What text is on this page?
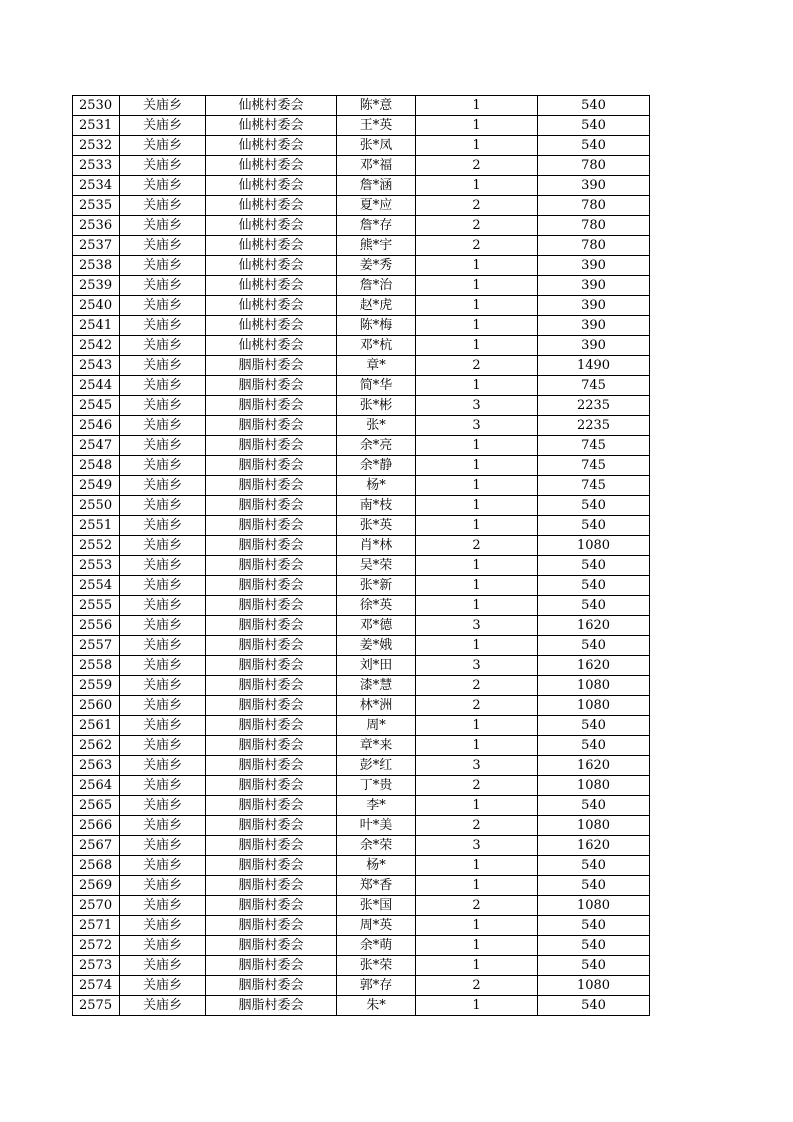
2530	关庙乡	仙桃村委会	陈*意	1	540
2531	关庙乡	仙桃村委会	王*英	1	540
2532	关庙乡	仙桃村委会	张*凤	1	540
2533	关庙乡	仙桃村委会	邓*福	2	780
2534	关庙乡	仙桃村委会	詹*涵	1	390
2535	关庙乡	仙桃村委会	夏*应	2	780
2536	关庙乡	仙桃村委会	詹*存	2	780
2537	关庙乡	仙桃村委会	熊*宇	2	780
2538	关庙乡	仙桃村委会	姜*秀	1	390
2539	关庙乡	仙桃村委会	詹*治	1	390
2540	关庙乡	仙桃村委会	赵*虎	1	390
2541	关庙乡	仙桃村委会	陈*梅	1	390
2542	关庙乡	仙桃村委会	邓*杭	1	390
2543	关庙乡	胭脂村委会	章*	2	1490
2544	关庙乡	胭脂村委会	简*华	1	745
2545	关庙乡	胭脂村委会	张*彬	3	2235
2546	关庙乡	胭脂村委会	张*	3	2235
2547	关庙乡	胭脂村委会	余*亮	1	745
2548	关庙乡	胭脂村委会	余*静	1	745
2549	关庙乡	胭脂村委会	杨*	1	745
2550	关庙乡	胭脂村委会	南*枝	1	540
2551	关庙乡	胭脂村委会	张*英	1	540
2552	关庙乡	胭脂村委会	肖*林	2	1080
2553	关庙乡	胭脂村委会	吴*荣	1	540
2554	关庙乡	胭脂村委会	张*新	1	540
2555	关庙乡	胭脂村委会	徐*英	1	540
2556	关庙乡	胭脂村委会	邓*德	3	1620
2557	关庙乡	胭脂村委会	姜*娥	1	540
2558	关庙乡	胭脂村委会	刘*田	3	1620
2559	关庙乡	胭脂村委会	漆*慧	2	1080
2560	关庙乡	胭脂村委会	林*洲	2	1080
2561	关庙乡	胭脂村委会	周*	1	540
2562	关庙乡	胭脂村委会	章*来	1	540
2563	关庙乡	胭脂村委会	彭*红	3	1620
2564	关庙乡	胭脂村委会	丁*贵	2	1080
2565	关庙乡	胭脂村委会	李*	1	540
2566	关庙乡	胭脂村委会	叶*美	2	1080
2567	关庙乡	胭脂村委会	余*荣	3	1620
2568	关庙乡	胭脂村委会	杨*	1	540
2569	关庙乡	胭脂村委会	郑*香	1	540
2570	关庙乡	胭脂村委会	张*国	2	1080
2571	关庙乡	胭脂村委会	周*英	1	540
2572	关庙乡	胭脂村委会	余*萌	1	540
2573	关庙乡	胭脂村委会	张*荣	1	540
2574	关庙乡	胭脂村委会	郭*存	2	1080
2575	关庙乡	胭脂村委会	朱*	1	540
